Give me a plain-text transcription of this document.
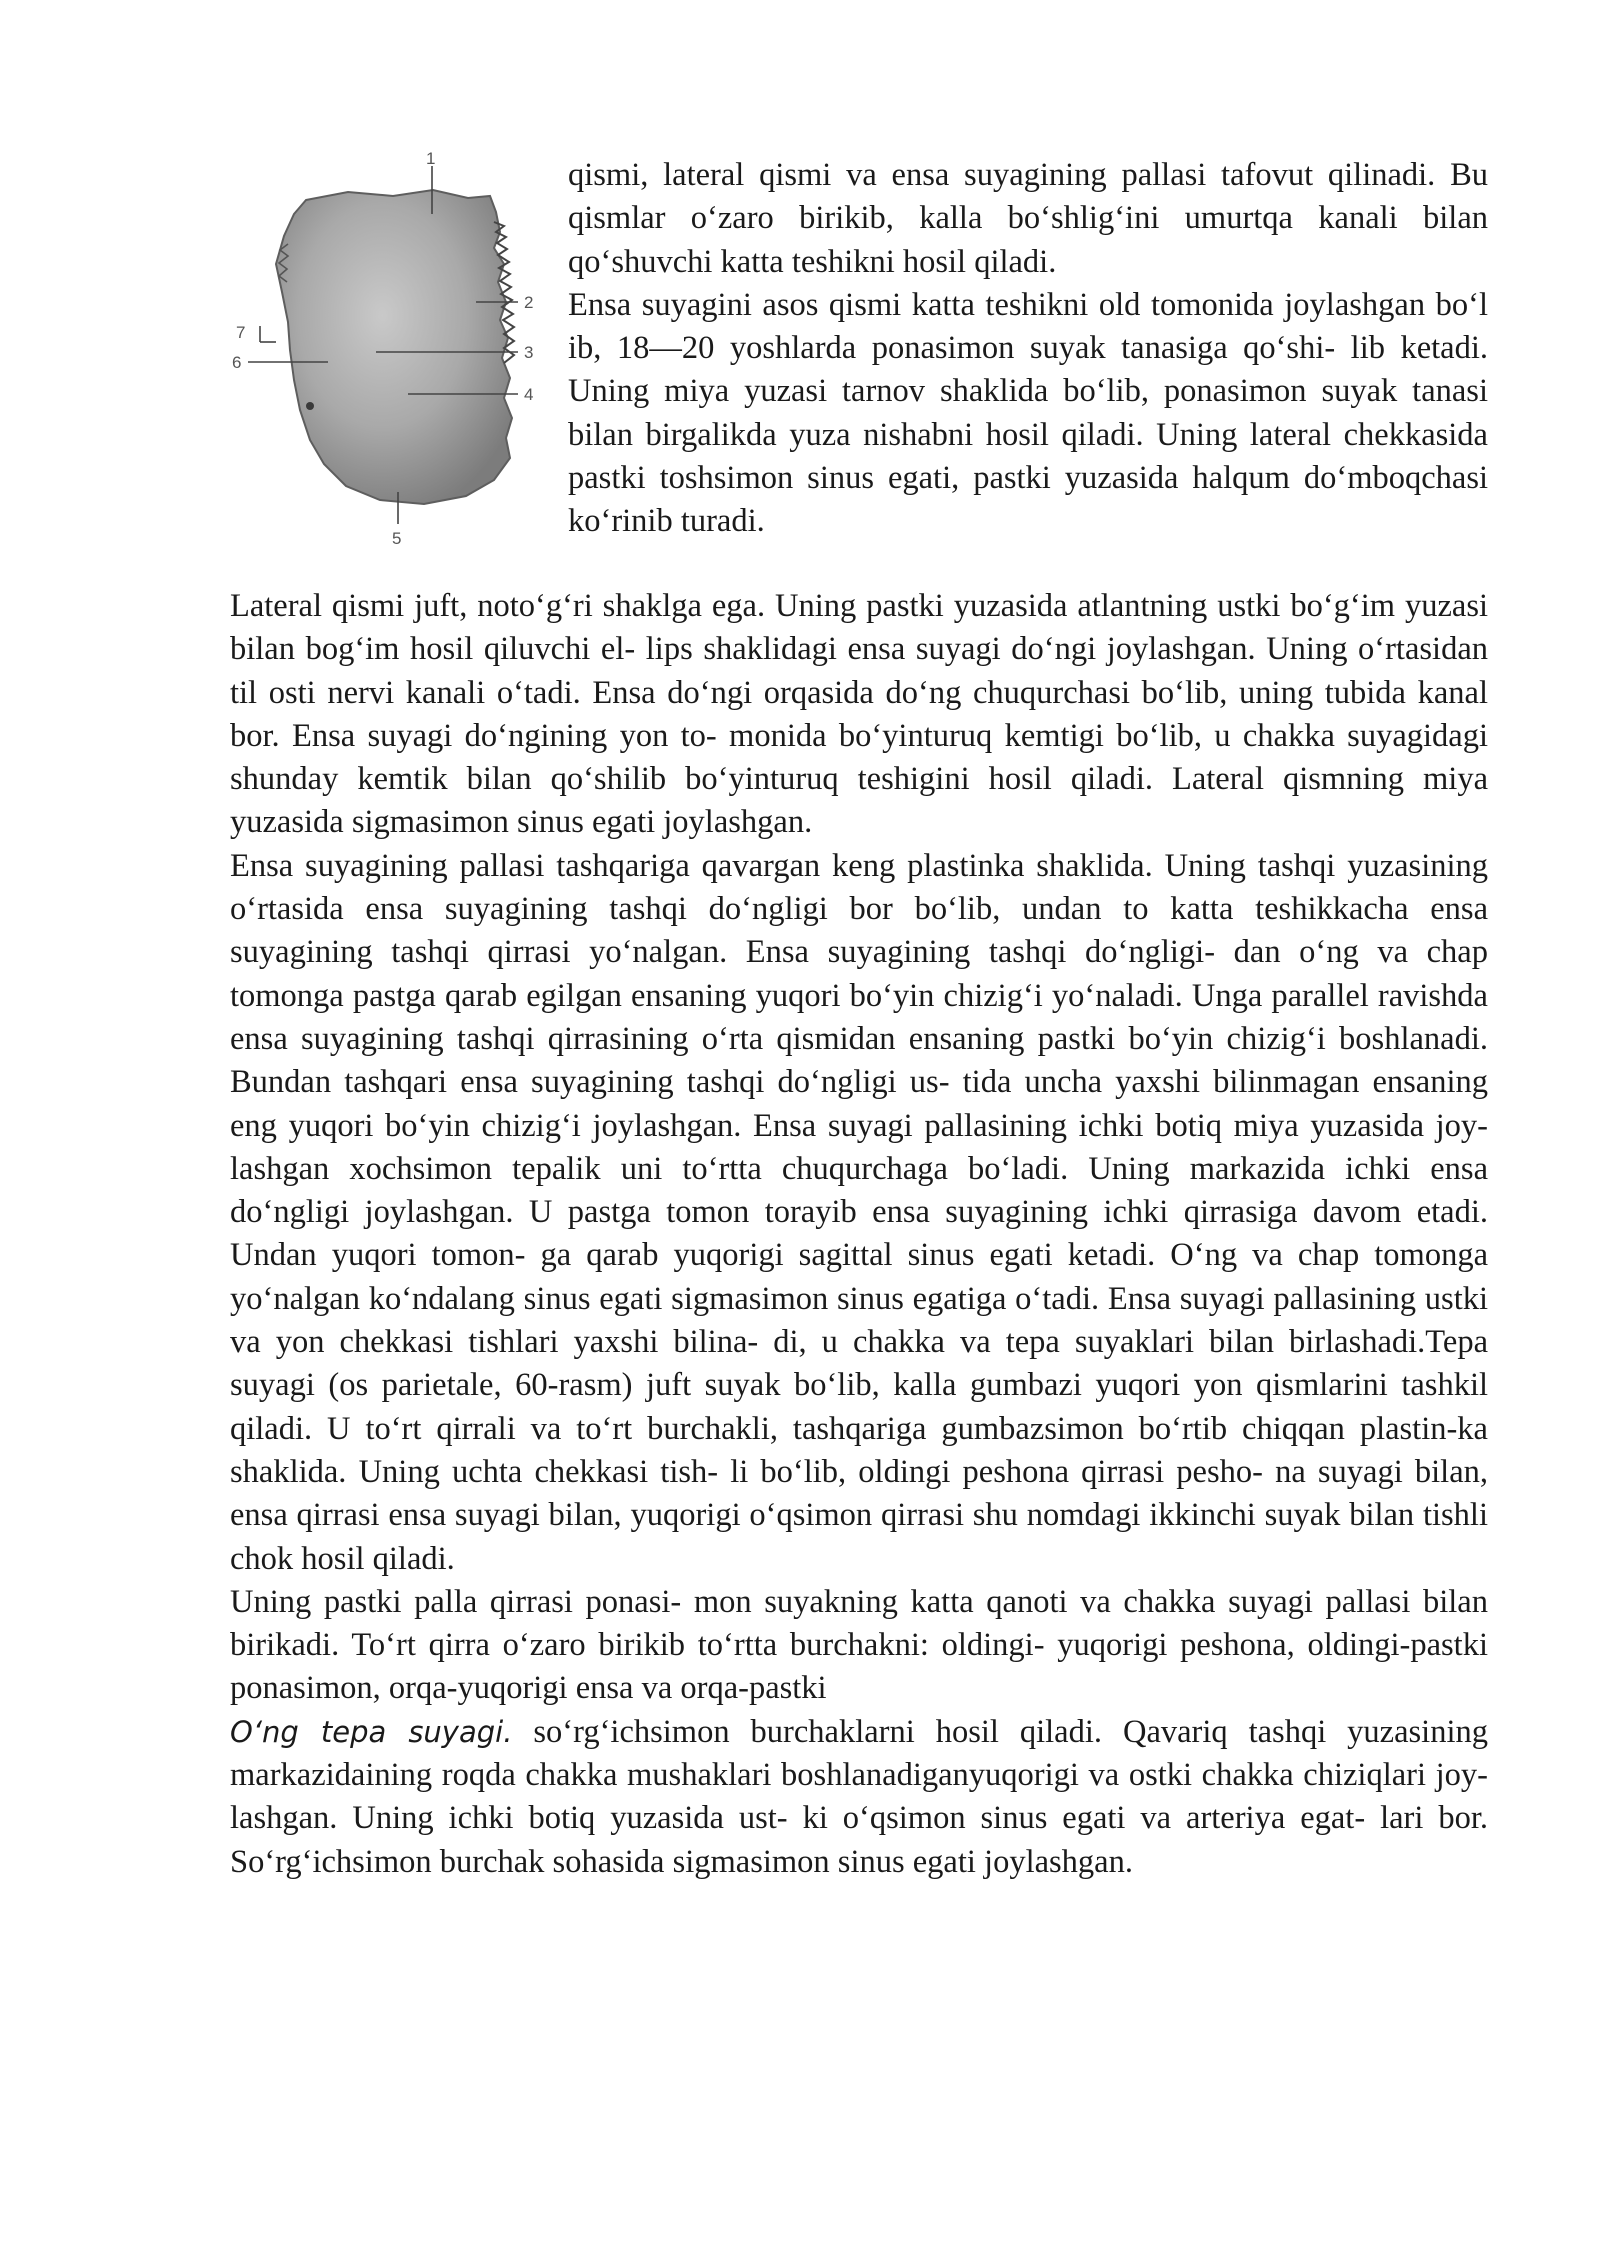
1
2
3
4
5
6
7

qismi, lateral qismi va ensa suyagining pallasi tafovut qilinadi. Bu qismlar o‘zaro birikib, kalla bo‘shlig‘ini umurtqa kanali bilan qo‘shuvchi katta teshikni hosil qiladi.

Ensa suyagini asos qismi katta teshikni old tomonida joylashgan bo‘l ib, 18—20 yoshlarda ponasimon suyak tanasiga qo‘shi- lib ketadi. Uning miya yuzasi tarnov shaklida bo‘lib, ponasimon suyak tanasi bilan birgalikda yuza nishabni hosil qiladi. Uning lateral chekkasida pastki toshsimon sinus egati, pastki yuzasida halqum do‘mboqchasi ko‘rinib turadi.

Lateral qismi juft, noto‘g‘ri shaklga ega. Uning pastki yuzasida atlantning ustki bo‘g‘im yuzasi bilan bog‘im hosil qiluvchi el- lips shaklidagi ensa suyagi do‘ngi joylashgan. Uning o‘rtasidan til osti nervi kanali o‘tadi. Ensa do‘ngi orqasida do‘ng chuqurchasi bo‘lib, uning tubida kanal bor. Ensa suyagi do‘ngining yon to- monida bo‘yinturuq kemtigi bo‘lib, u chakka suyagidagi shunday kemtik bilan qo‘shilib bo‘yinturuq teshigini hosil qiladi. Lateral qismning miya yuzasida sigmasimon sinus egati joylashgan.

Ensa suyagining pallasi tashqariga qavargan keng plastinka shaklida. Uning tashqi yuzasining o‘rtasida ensa suyagining tashqi do‘ngligi bor bo‘lib, undan to katta teshikkacha ensa suyagining tashqi qirrasi yo‘nalgan. Ensa suyagining tashqi do‘ngligi- dan o‘ng va chap tomonga pastga qarab egilgan ensaning yuqori bo‘yin chizig‘i yo‘naladi. Unga parallel ravishda ensa suyagining tashqi qirrasining o‘rta qismidan ensaning pastki bo‘yin chizig‘i boshlanadi. Bundan tashqari ensa suyagining tashqi do‘ngligi us- tida uncha yaxshi bilinmagan ensaning eng yuqori bo‘yin chizig‘i joylashgan. Ensa suyagi pallasining ichki botiq miya yuzasida joy- lashgan xochsimon tepalik uni to‘rtta chuqurchaga bo‘ladi. Uning markazida ichki ensa do‘ngligi joylashgan. U pastga tomon torayib ensa suyagining ichki qirrasiga davom etadi. Undan yuqori tomon- ga qarab yuqorigi sagittal sinus egati ketadi. O‘ng va chap tomonga yo‘nalgan ko‘ndalang sinus egati sigmasimon sinus egatiga o‘tadi. Ensa suyagi pallasining ustki va yon chekkasi tishlari yaxshi bilina- di, u chakka va tepa suyaklari bilan birlashadi.Tepa suyagi (os parietale, 60-rasm) juft suyak bo‘lib, kalla gumbazi yuqori yon qismlarini tashkil qiladi. U to‘rt qirrali va to‘rt burchakli, tashqariga gumbazsimon bo‘rtib chiqqan plastin-ka shaklida. Uning uchta chekkasi tish- li bo‘lib, oldingi peshona qirrasi pesho- na suyagi bilan, ensa qirrasi ensa suyagi bilan, yuqorigi o‘qsimon qirrasi shu nomdagi ikkinchi suyak bilan tishli chok hosil qiladi.

Uning pastki palla qirrasi ponasi- mon suyakning katta qanoti va chakka suyagi pallasi bilan birikadi. To‘rt qirra o‘zaro birikib to‘rtta burchakni: oldingi- yuqorigi peshona, oldingi-pastki ponasimon, orqa-yuqorigi ensa va orqa-pastki

O‘ng tepa suyagi. so‘rg‘ichsimon burchaklarni hosil qiladi. Qavariq tashqi yuzasining markazidaining roqda chakka mushaklari boshlanadiganyuqorigi va ostki chakka chiziqlari joy- lashgan. Uning ichki botiq yuzasida ust- ki o‘qsimon sinus egati va arteriya egat- lari bor. So‘rg‘ichsimon burchak sohasida sigmasimon sinus egati joylashgan.
